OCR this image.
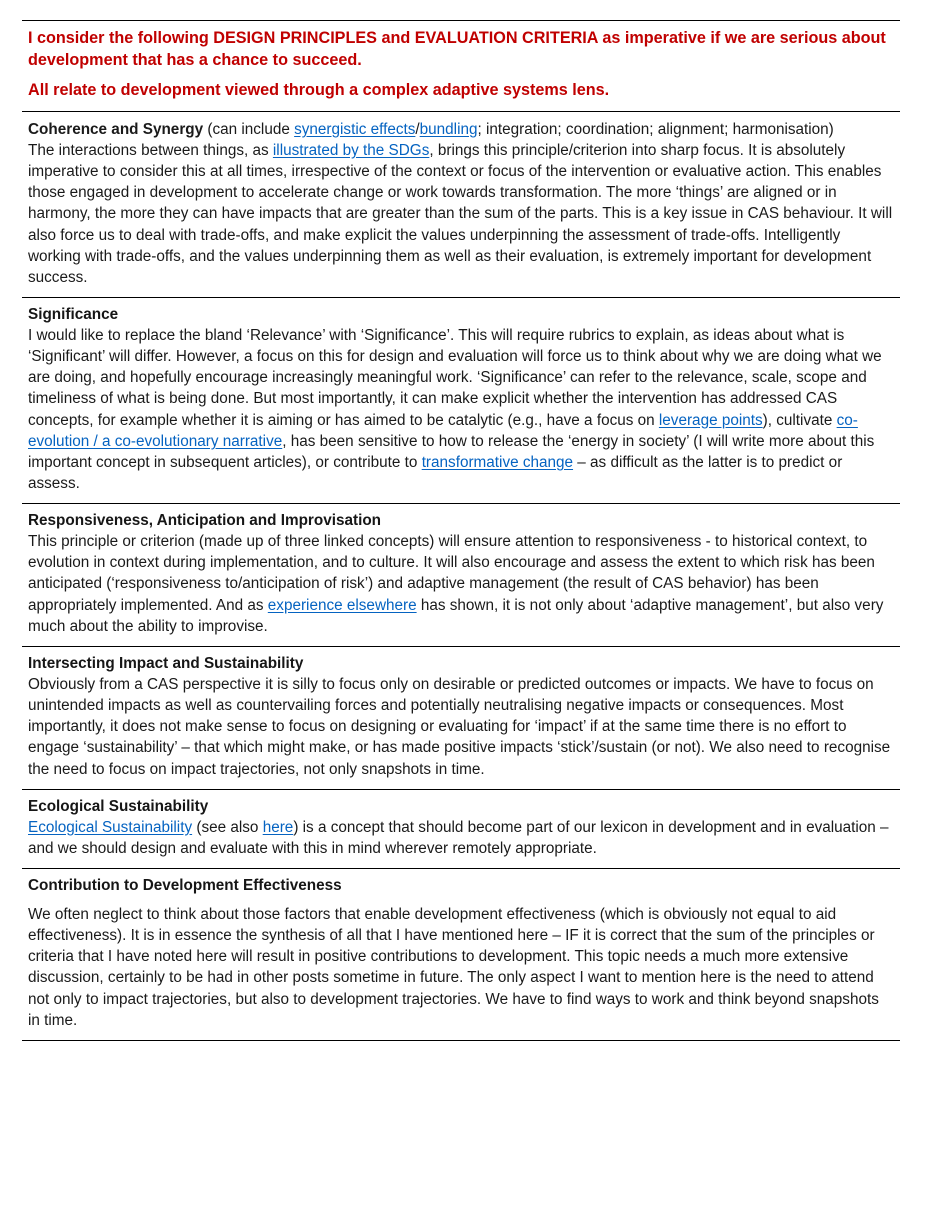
I consider the following DESIGN PRINCIPLES and EVALUATION CRITERIA as imperative if we are serious about development that has a chance to succeed.

All relate to development viewed through a complex adaptive systems lens.

Coherence and Synergy (can include synergistic effects/bundling; integration; coordination; alignment; harmonisation)

The interactions between things, as illustrated by the SDGs, brings this principle/criterion into sharp focus. It is absolutely imperative to consider this at all times, irrespective of the context or focus of the intervention or evaluative action. This enables those engaged in development to accelerate change or work towards transformation. The more ‘things’ are aligned or in harmony, the more they can have impacts that are greater than the sum of the parts. This is a key issue in CAS behaviour. It will also force us to deal with trade-offs, and make explicit the values underpinning the assessment of trade-offs. Intelligently working with trade-offs, and the values underpinning them as well as their evaluation, is extremely important for development success.

Significance

I would like to replace the bland ‘Relevance’ with ‘Significance’. This will require rubrics to explain, as ideas about what is ‘Significant’ will differ. However, a focus on this for design and evaluation will force us to think about why we are doing what we are doing, and hopefully encourage increasingly meaningful work. ‘Significance’ can refer to the relevance, scale, scope and timeliness of what is being done. But most importantly, it can make explicit whether the intervention has addressed CAS concepts, for example whether it is aiming or has aimed to be catalytic (e.g., have a focus on leverage points), cultivate co-evolution / a co-evolutionary narrative, has been sensitive to how to release the ‘energy in society’ (I will write more about this important concept in subsequent articles), or contribute to transformative change – as difficult as the latter is to predict or assess.

Responsiveness, Anticipation and Improvisation

This principle or criterion (made up of three linked concepts) will ensure attention to responsiveness - to historical context, to evolution in context during implementation, and to culture. It will also encourage and assess the extent to which risk has been anticipated (‘responsiveness to/anticipation of risk’) and adaptive management (the result of CAS behavior) has been appropriately implemented. And as experience elsewhere has shown, it is not only about ‘adaptive management’, but also very much about the ability to improvise.

Intersecting Impact and Sustainability

Obviously from a CAS perspective it is silly to focus only on desirable or predicted outcomes or impacts. We have to focus on unintended impacts as well as countervailing forces and potentially neutralising negative impacts or consequences. Most importantly, it does not make sense to focus on designing or evaluating for ‘impact’ if at the same time there is no effort to engage ‘sustainability’ – that which might make, or has made positive impacts ‘stick’/sustain (or not). We also need to recognise the need to focus on impact trajectories, not only snapshots in time.

Ecological Sustainability

Ecological Sustainability (see also here) is a concept that should become part of our lexicon in development and in evaluation – and we should design and evaluate with this in mind wherever remotely appropriate.

Contribution to Development Effectiveness

We often neglect to think about those factors that enable development effectiveness (which is obviously not equal to aid effectiveness). It is in essence the synthesis of all that I have mentioned here – IF it is correct that the sum of the principles or criteria that I have noted here will result in positive contributions to development. This topic needs a much more extensive discussion, certainly to be had in other posts sometime in future. The only aspect I want to mention here is the need to attend not only to impact trajectories, but also to development trajectories. We have to find ways to work and think beyond snapshots in time.
